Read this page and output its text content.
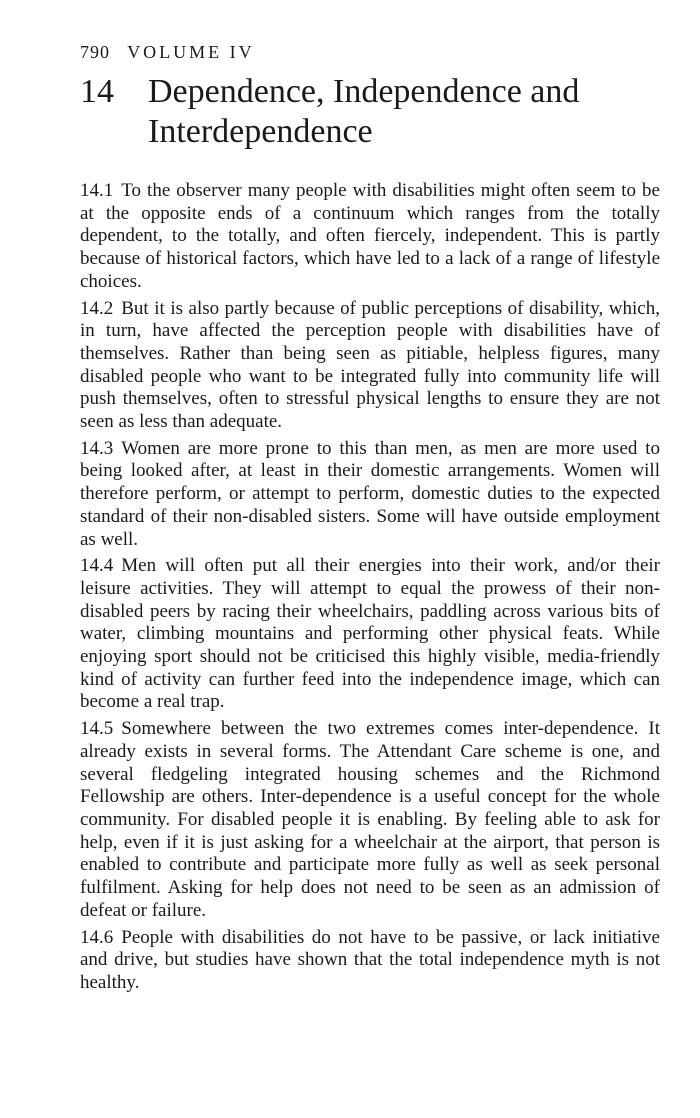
790 VOLUME IV
14	Dependence, Independence and
Interdependence

14.1 To the observer many people with disabilities might often seem to be at the opposite ends of a continuum which ranges from the totally dependent, to the totally, and often fiercely, independent. This is partly because of historical factors, which have led to a lack of a range of lifestyle choices.

14.2 But it is also partly because of public perceptions of disability, which, in turn, have affected the perception people with disabilities have of themselves. Rather than being seen as pitiable, helpless figures, many disabled people who want to be integrated fully into community life will push themselves, often to stressful physical lengths to ensure they are not seen as less than adequate.

14.3 Women are more prone to this than men, as men are more used to being looked after, at least in their domestic arrangements. Women will therefore perform, or attempt to perform, domestic duties to the expected standard of their non-disabled sisters. Some will have outside employment as well.

14.4 Men will often put all their energies into their work, and/or their leisure activities. They will attempt to equal the prowess of their non-disabled peers by racing their wheelchairs, paddling across various bits of water, climbing mountains and performing other physical feats. While enjoying sport should not be criticised this highly visible, media-friendly kind of activity can further feed into the independence image, which can become a real trap.

14.5 Somewhere between the two extremes comes inter-dependence. It already exists in several forms. The Attendant Care scheme is one, and several fledgeling integrated housing schemes and the Richmond Fellowship are others. Inter-dependence is a useful concept for the whole community. For disabled people it is enabling. By feeling able to ask for help, even if it is just asking for a wheelchair at the airport, that person is enabled to contribute and participate more fully as well as seek personal fulfilment. Asking for help does not need to be seen as an admission of defeat or failure.

14.6 People with disabilities do not have to be passive, or lack initiative and drive, but studies have shown that the total independence myth is not healthy.
